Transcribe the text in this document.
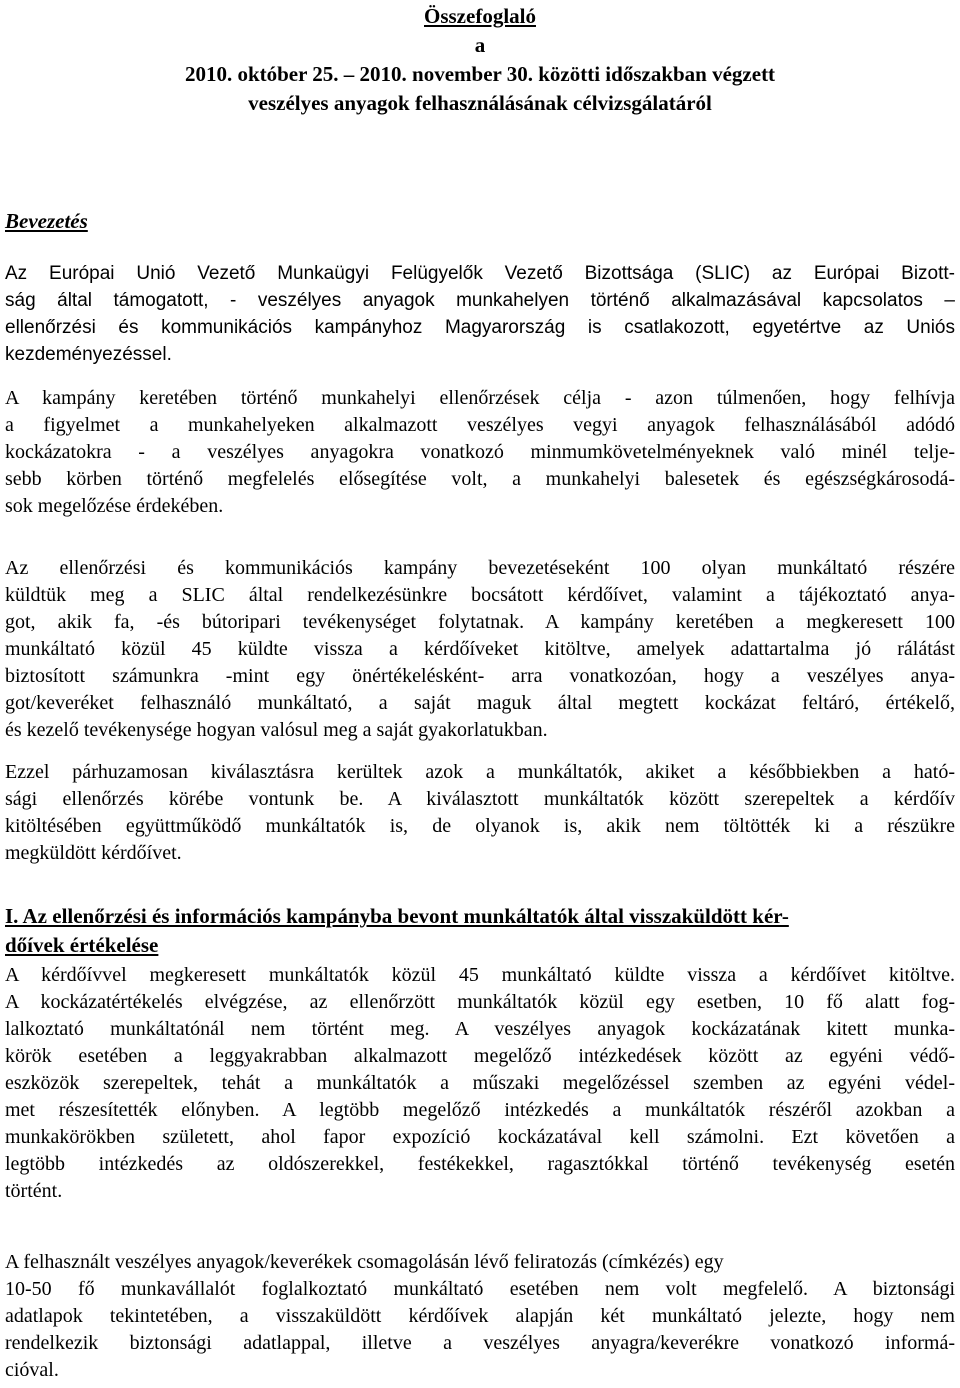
Összefoglaló
a
2010. október 25. – 2010. november 30. közötti időszakban végzett
veszélyes anyagok felhasználásának célvizsgálatáról
Bevezetés
Az Európai Unió Vezető Munkaügyi Felügyelők Vezető Bizottsága (SLIC) az Európai Bizott-
ság által támogatott, - veszélyes anyagok munkahelyen történő alkalmazásával kapcsolatos –
ellenőrzési és kommunikációs kampányhoz Magyarország is csatlakozott, egyetértve az Uniós
kezdeményezéssel.
A kampány keretében történő munkahelyi ellenőrzések célja - azon túlmenően, hogy felhívja
a figyelmet a munkahelyeken alkalmazott veszélyes vegyi anyagok felhasználásából adódó
kockázatokra - a veszélyes anyagokra vonatkozó minmumkövetelményeknek való minél telje-
sebb körben történő megfelelés elősegítése volt, a munkahelyi balesetek és egészségkárosodá-
sok megelőzése érdekében.
Az ellenőrzési és kommunikációs kampány bevezetéseként 100 olyan munkáltató részére
küldtük meg a SLIC által rendelkezésünkre bocsátott kérdőívet, valamint a tájékoztató anya-
got, akik fa, -és bútoripari tevékenységet folytatnak. A kampány keretében a megkeresett 100
munkáltató közül 45 küldte vissza a kérdőíveket kitöltve, amelyek adattartalma jó rálátást
biztosított számunkra -mint egy önértékelésként- arra vonatkozóan, hogy a veszélyes anya-
got/keveréket felhasználó munkáltató, a saját maguk által megtett kockázat feltáró, értékelő,
és kezelő tevékenysége hogyan valósul meg a saját gyakorlatukban.
Ezzel párhuzamosan kiválasztásra kerültek azok a munkáltatók, akiket a későbbiekben a ható-
sági ellenőrzés körébe vontunk be. A kiválasztott munkáltatók között szerepeltek a kérdőív
kitöltésében együttműködő munkáltatók is, de olyanok is, akik nem töltötték ki a részükre
megküldött kérdőívet.
I. Az ellenőrzési és információs kampányba bevont munkáltatók által visszaküldött kér-
dőívek értékelése
A kérdőívvel megkeresett munkáltatók közül 45 munkáltató küldte vissza a kérdőívet kitöltve.
A kockázatértékelés elvégzése, az ellenőrzött munkáltatók közül egy esetben, 10 fő alatt fog-
lalkoztató munkáltatónál nem történt meg. A veszélyes anyagok kockázatának kitett munka-
körök esetében a leggyakrabban alkalmazott megelőző intézkedések között az egyéni védő-
eszközök szerepeltek, tehát a munkáltatók a műszaki megelőzéssel szemben az egyéni védel-
met részesítették előnyben. A legtöbb megelőző intézkedés a munkáltatók részéről azokban a
munkakörökben született, ahol fapor expozíció kockázatával kell számolni. Ezt követően a
legtöbb intézkedés az oldószerekkel, festékekkel, ragasztókkal történő tevékenység esetén
történt.
A felhasznált veszélyes anyagok/keverékek csomagolásán lévő feliratozás (címkézés) egy
10-50 fő munkavállalót foglalkoztató munkáltató esetében nem volt megfelelő. A biztonsági
adatlapok tekintetében, a visszaküldött kérdőívek alapján két munkáltató jelezte, hogy nem
rendelkezik biztonsági adatlappal, illetve a veszélyes anyagra/keverékre vonatkozó informá-
cióval.
